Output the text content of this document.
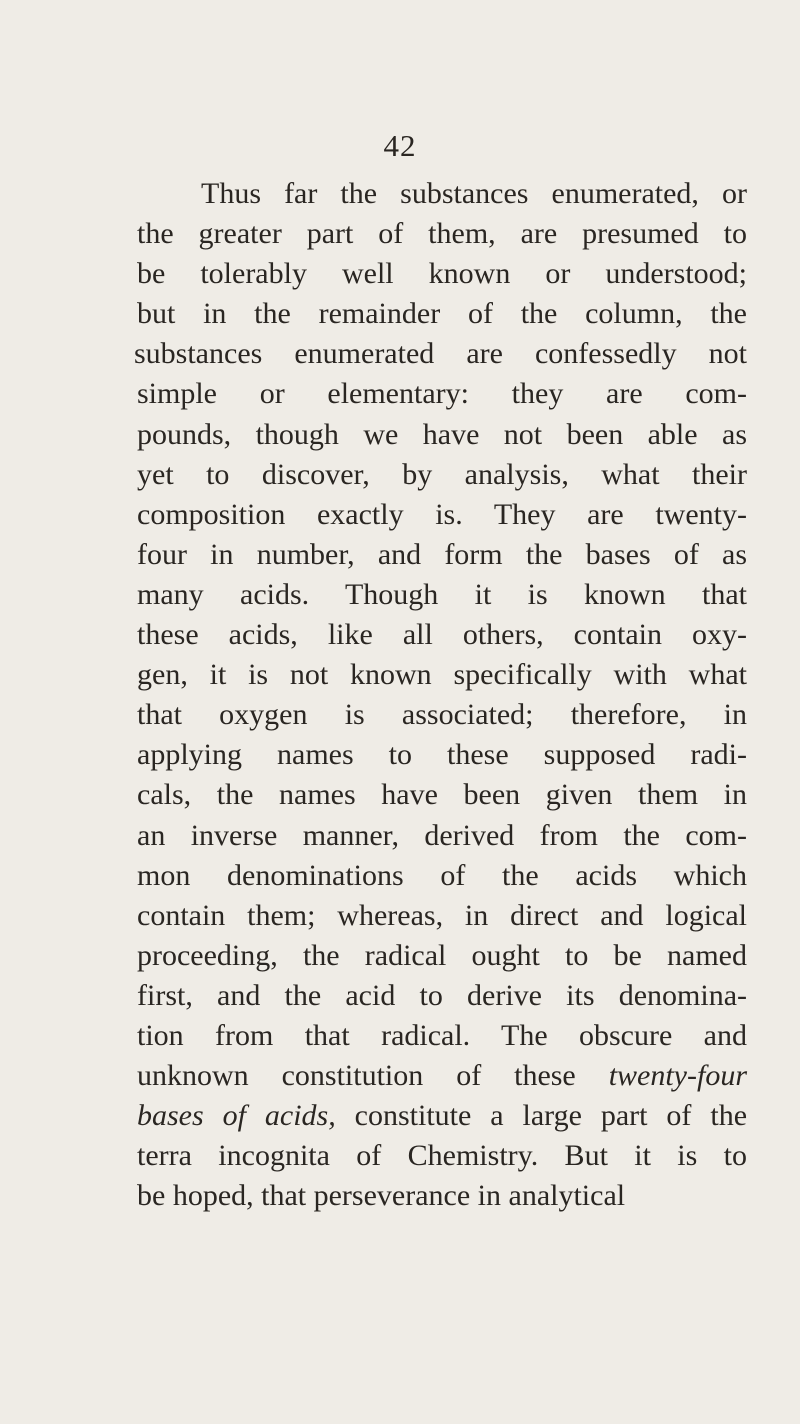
42
Thus far the substances enumerated, or
the greater part of them, are presumed to
be tolerably well known or understood;
but in the remainder of the column, the
substances enumerated are confessedly not
simple or elementary: they are com-
pounds, though we have not been able as
yet to discover, by analysis, what their
composition exactly is. They are twenty-
four in number, and form the bases of as
many acids. Though it is known that
these acids, like all others, contain oxy-
gen, it is not known specifically with what
that oxygen is associated; therefore, in
applying names to these supposed radi-
cals, the names have been given them in
an inverse manner, derived from the com-
mon denominations of the acids which
contain them; whereas, in direct and logical
proceeding, the radical ought to be named
first, and the acid to derive its denomina-
tion from that radical. The obscure and
unknown constitution of these twenty-four
bases of acids, constitute a large part of the
terra incognita of Chemistry. But it is to
be hoped, that perseverance in analytical
